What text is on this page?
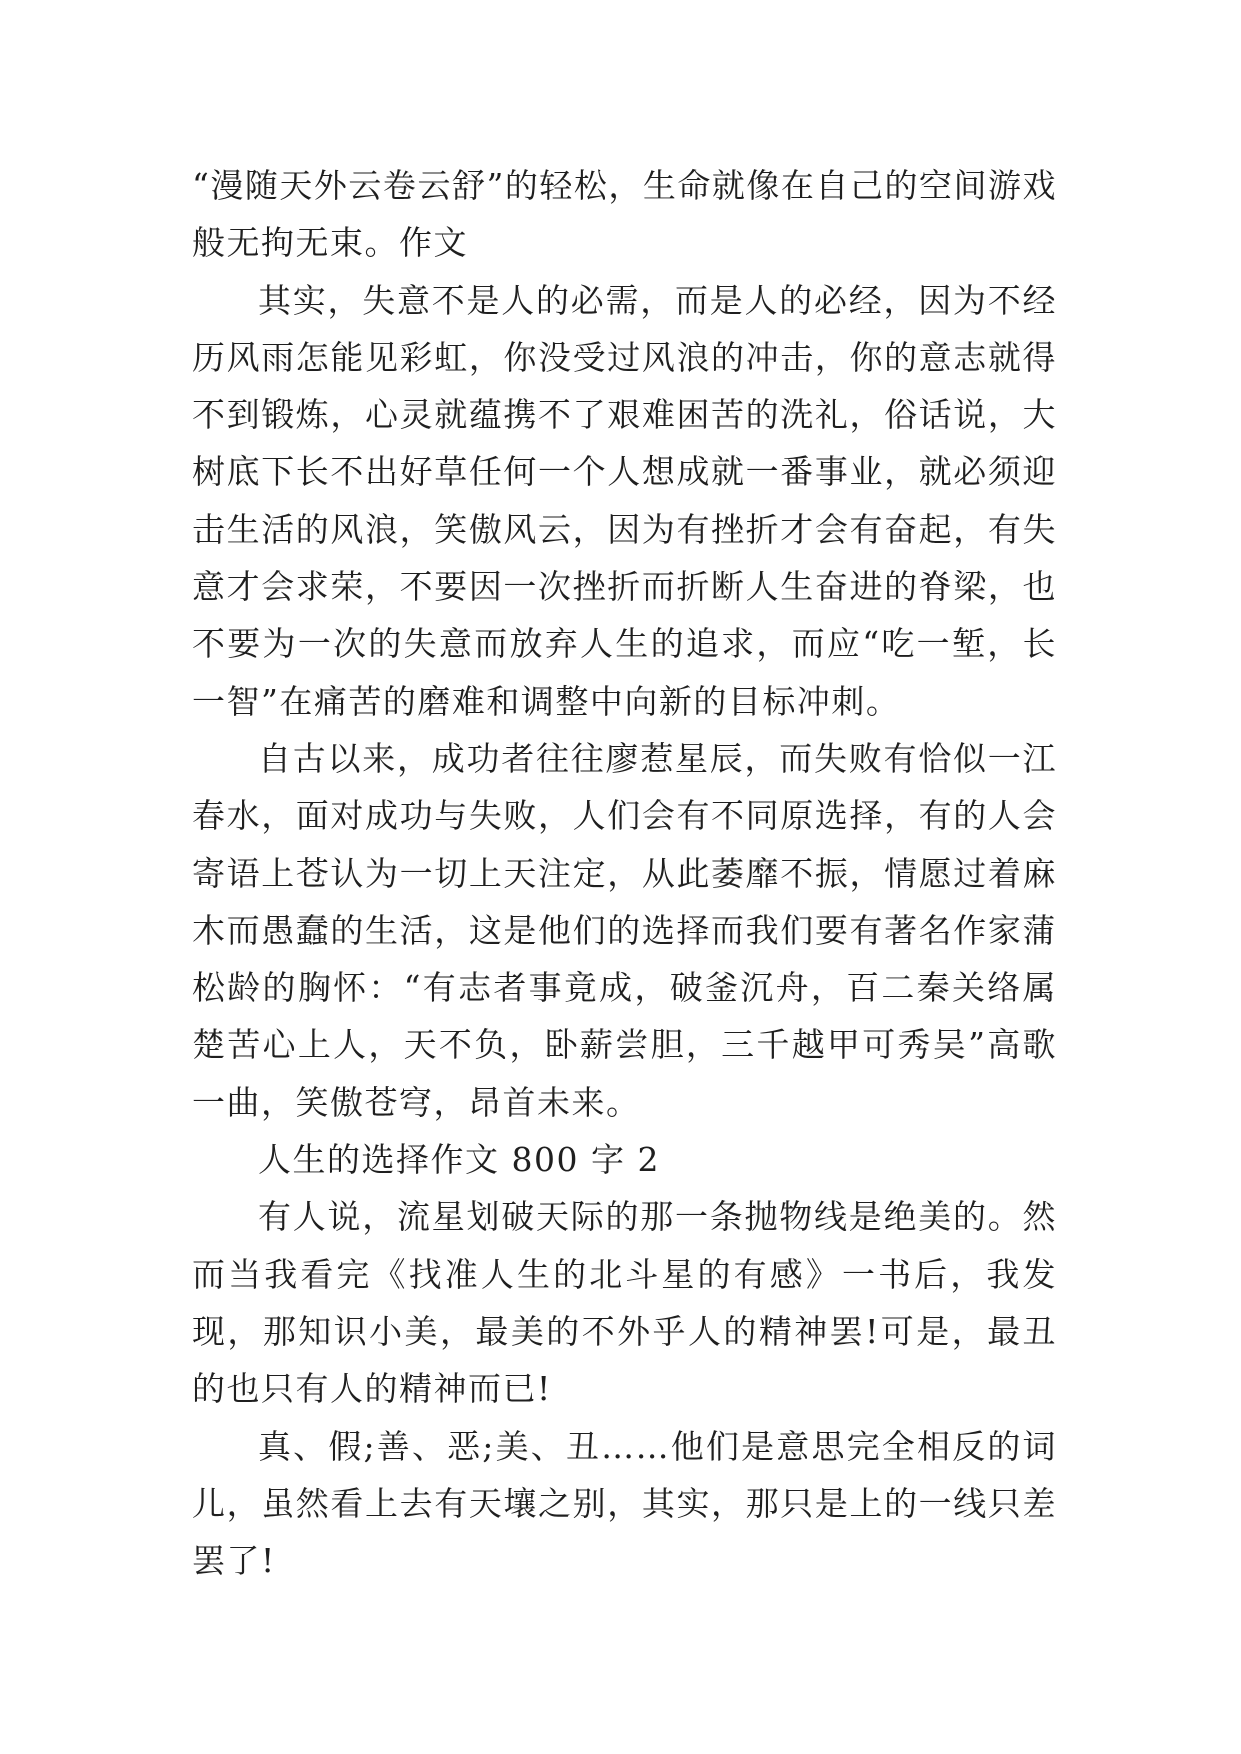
“漫随天外云卷云舒”的轻松，生命就像在自己的空间游戏般无拘无束。作文

其实，失意不是人的必需，而是人的必经，因为不经历风雨怎能见彩虹，你没受过风浪的冲击，你的意志就得不到锻炼，心灵就蕴携不了艰难困苦的洗礼，俗话说，大树底下长不出好草任何一个人想成就一番事业，就必须迎击生活的风浪，笑傲风云，因为有挫折才会有奋起，有失意才会求荣，不要因一次挫折而折断人生奋进的脊梁，也不要为一次的失意而放弃人生的追求，而应“吃一堑，长一智”在痛苦的磨难和调整中向新的目标冲刺。

自古以来，成功者往往廖惹星辰，而失败有恰似一江春水，面对成功与失败，人们会有不同原选择，有的人会寄语上苍认为一切上天注定，从此萎靡不振，情愿过着麻木而愚蠢的生活，这是他们的选择而我们要有著名作家蒲松龄的胸怀：“有志者事竟成，破釜沉舟，百二秦关络属楚苦心上人，天不负，卧薪尝胆，三千越甲可秀吴”高歌一曲，笑傲苍穹，昂首未来。

人生的选择作文 800 字 2

有人说，流星划破天际的那一条抛物线是绝美的。然而当我看完《找准人生的北斗星的有感》一书后，我发现，那知识小美，最美的不外乎人的精神罢!可是，最丑的也只有人的精神而已!

真、假;善、恶;美、丑……他们是意思完全相反的词儿，虽然看上去有天壤之别，其实，那只是上的一线只差罢了!
